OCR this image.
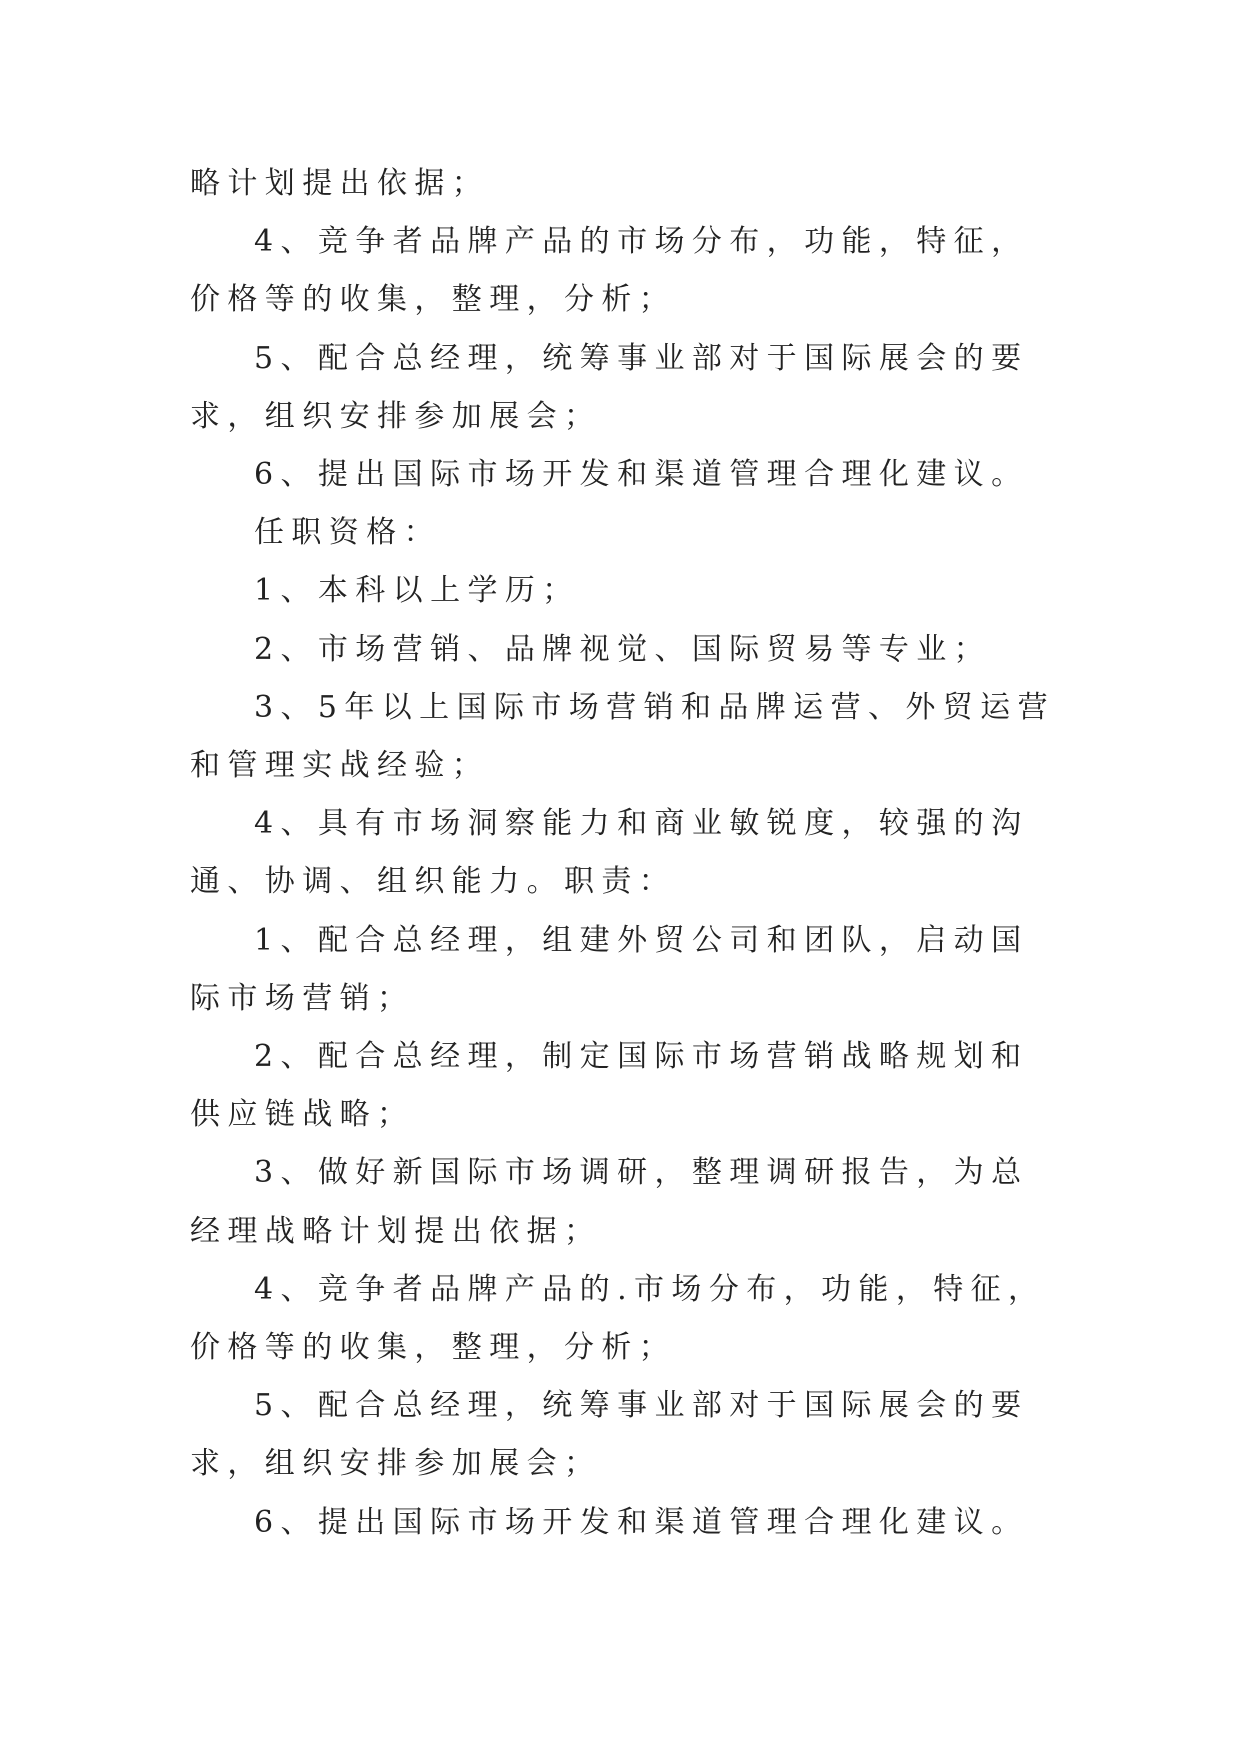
略计划提出依据；

4、竞争者品牌产品的市场分布，功能，特征，价格等的收集，整理，分析；

5、配合总经理，统筹事业部对于国际展会的要求，组织安排参加展会；

6、提出国际市场开发和渠道管理合理化建议。

任职资格：

1、本科以上学历；

2、市场营销、品牌视觉、国际贸易等专业；

3、5年以上国际市场营销和品牌运营、外贸运营和管理实战经验；

4、具有市场洞察能力和商业敏锐度，较强的沟通、协调、组织能力。职责：

1、配合总经理，组建外贸公司和团队，启动国际市场营销；

2、配合总经理，制定国际市场营销战略规划和供应链战略；

3、做好新国际市场调研，整理调研报告，为总经理战略计划提出依据；

4、竞争者品牌产品的.市场分布，功能，特征，价格等的收集，整理，分析；

5、配合总经理，统筹事业部对于国际展会的要求，组织安排参加展会；

6、提出国际市场开发和渠道管理合理化建议。
